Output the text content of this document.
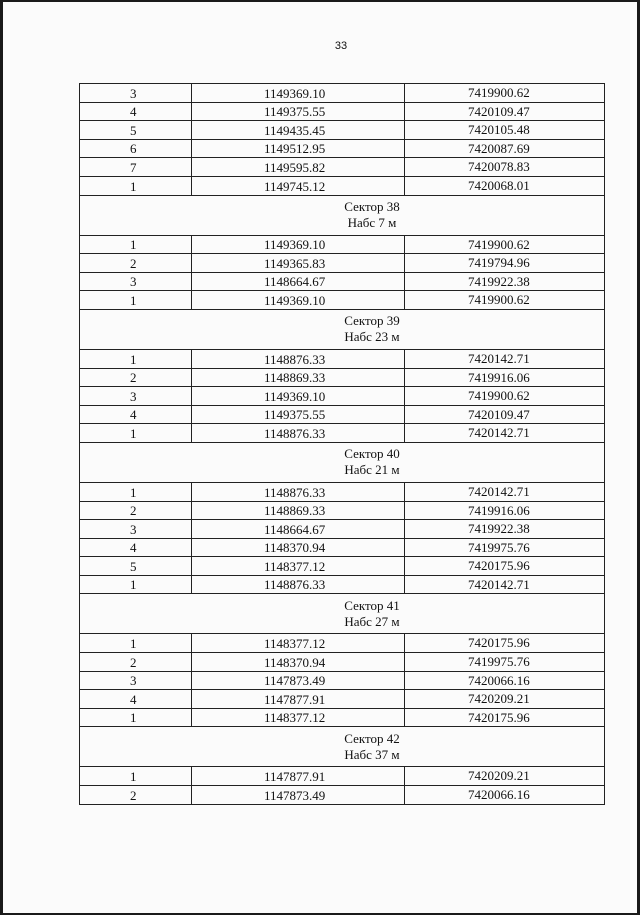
33
3	1149369.10	7419900.62
4	1149375.55	7420109.47
5	1149435.45	7420105.48
6	1149512.95	7420087.69
7	1149595.82	7420078.83
1	1149745.12	7420068.01

Сектор 38
Набс 7 м		

1	1149369.10	7419900.62
2	1149365.83	7419794.96
3	1148664.67	7419922.38
1	1149369.10	7419900.62

Сектор 39
Набс 23 м		

1	1148876.33	7420142.71
2	1148869.33	7419916.06
3	1149369.10	7419900.62
4	1149375.55	7420109.47
1	1148876.33	7420142.71

Сектор 40
Набс 21 м		

1	1148876.33	7420142.71
2	1148869.33	7419916.06
3	1148664.67	7419922.38
4	1148370.94	7419975.76
5	1148377.12	7420175.96
1	1148876.33	7420142.71

Сектор 41
Набс 27 м		

1	1148377.12	7420175.96
2	1148370.94	7419975.76
3	1147873.49	7420066.16
4	1147877.91	7420209.21
1	1148377.12	7420175.96

Сектор 42
Набс 37 м		

1	1147877.91	7420209.21
2	1147873.49	7420066.16
